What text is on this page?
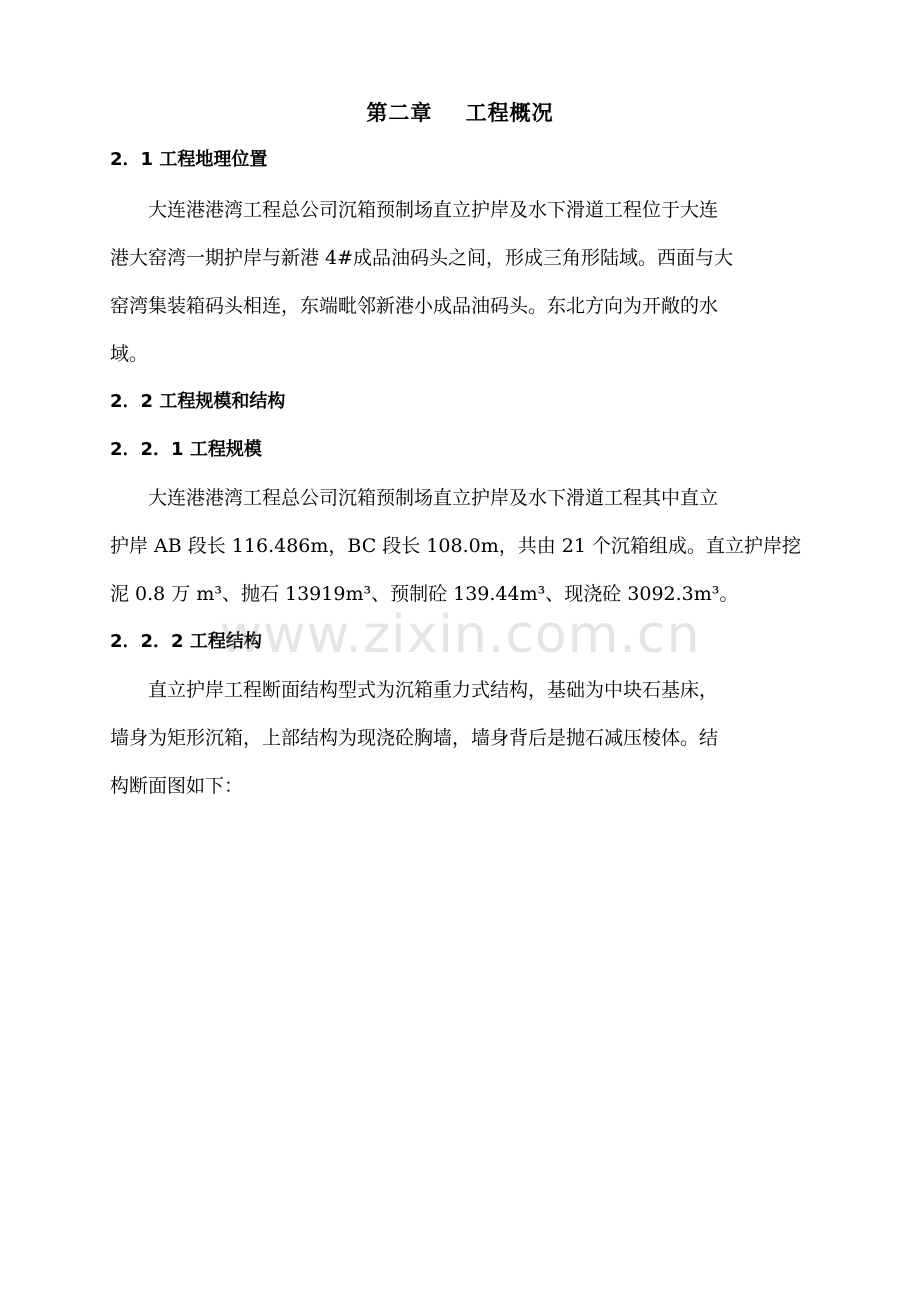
第二章    工程概况
2．1 工程地理位置

大连港港湾工程总公司沉箱预制场直立护岸及水下滑道工程位于大连
港大窑湾一期护岸与新港 4#成品油码头之间，形成三角形陆域。西面与大
窑湾集装箱码头相连，东端毗邻新港小成品油码头。东北方向为开敞的水
域。

2．2 工程规模和结构
2．2．1 工程规模

大连港港湾工程总公司沉箱预制场直立护岸及水下滑道工程其中直立
护岸 AB 段长 116.486m，BC 段长 108.0m，共由 21 个沉箱组成。直立护岸挖
泥 0.8 万 m³、抛石 13919m³、预制砼 139.44m³、现浇砼 3092.3m³。

2．2．2 工程结构

直立护岸工程断面结构型式为沉箱重力式结构，基础为中块石基床，
墙身为矩形沉箱，上部结构为现浇砼胸墙，墙身背后是抛石减压棱体。结
构断面图如下：

www.zixin.com.cn
